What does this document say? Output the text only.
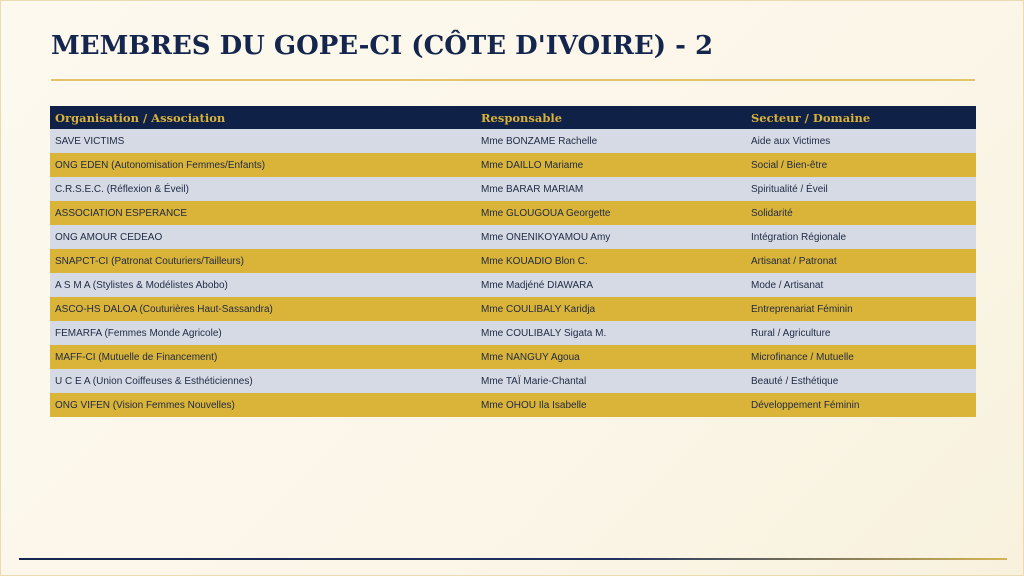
MEMBRES DU GOPE-CI (CÔTE D'IVOIRE) - 2
Organisation / Association	Responsable	Secteur / Domaine
SAVE VICTIMS	Mme BONZAME Rachelle	Aide aux Victimes
ONG EDEN (Autonomisation Femmes/Enfants)	Mme DAILLO Mariame	Social / Bien-être
C.R.S.E.C. (Réflexion & Éveil)	Mme BARAR MARIAM	Spiritualité / Éveil
ASSOCIATION ESPERANCE	Mme GLOUGOUA Georgette	Solidarité
ONG AMOUR CEDEAO	Mme ONENIKOYAMOU Amy	Intégration Régionale
SNAPCT-CI (Patronat Couturiers/Tailleurs)	Mme KOUADIO Blon C.	Artisanat / Patronat
A S M A (Stylistes & Modélistes Abobo)	Mme Madjéné DIAWARA	Mode / Artisanat
ASCO-HS DALOA (Couturières Haut-Sassandra)	Mme COULIBALY Karidja	Entreprenariat Féminin
FEMARFA (Femmes Monde Agricole)	Mme COULIBALY Sigata M.	Rural / Agriculture
MAFF-CI (Mutuelle de Financement)	Mme NANGUY Agoua	Microfinance / Mutuelle
U C E A (Union Coiffeuses & Esthéticiennes)	Mme TAÏ Marie-Chantal	Beauté / Esthétique
ONG VIFEN (Vision Femmes Nouvelles)	Mme OHOU Ila Isabelle	Développement Féminin
